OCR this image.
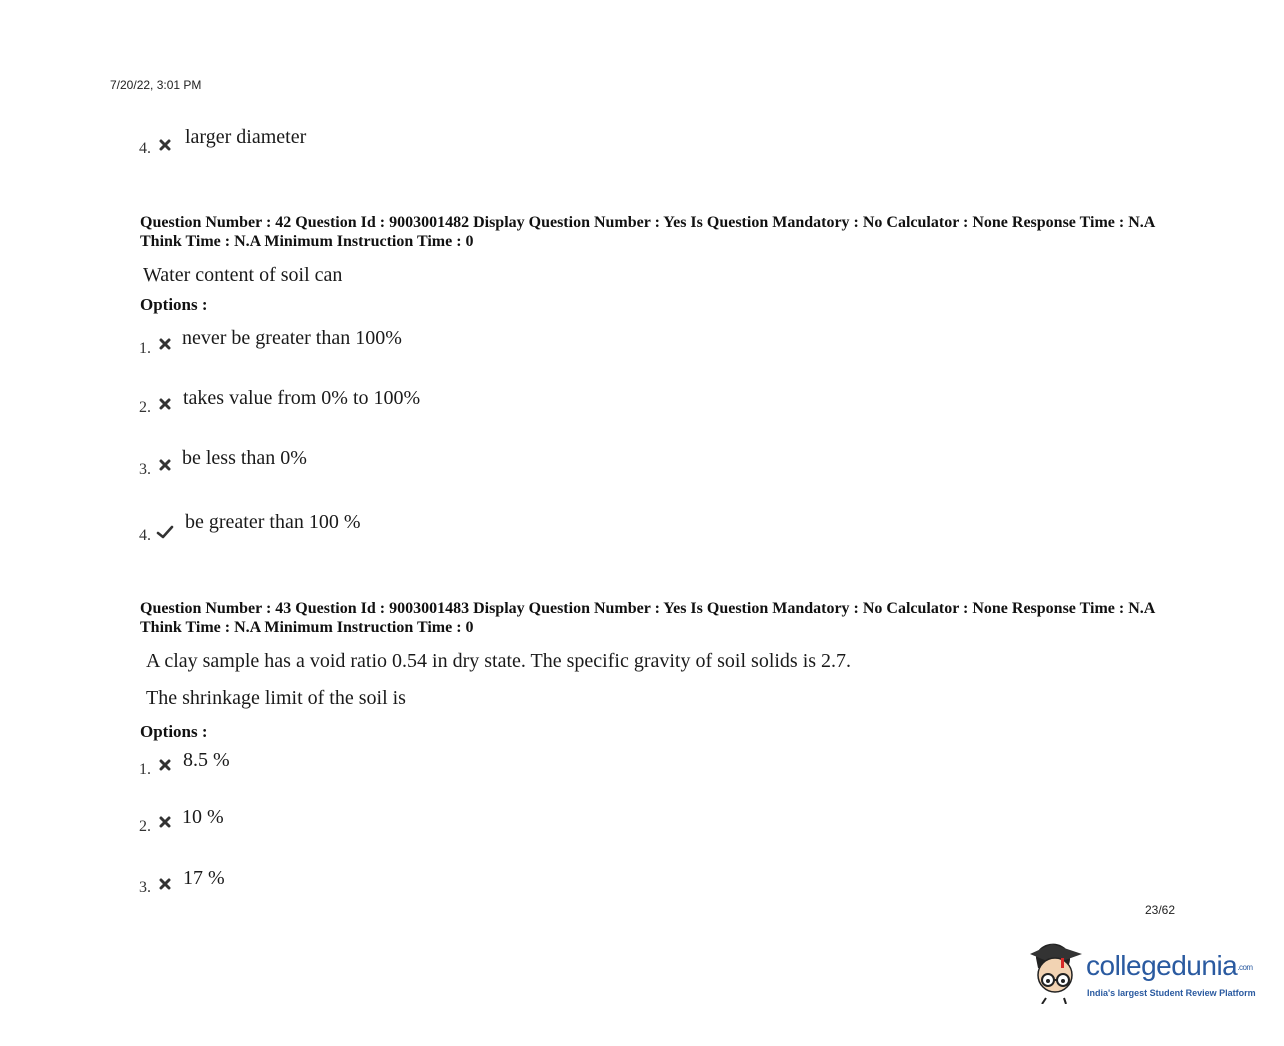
7/20/22, 3:01 PM
4.
larger diameter
Question Number : 42 Question Id : 9003001482 Display Question Number : Yes Is Question Mandatory : No Calculator : None Response Time : N.A Think Time : N.A Minimum Instruction Time : 0
Water content of soil can
Options :
1. never be greater than 100%
2. takes value from 0% to 100%
3.
be less than 0%
4.
be greater than 100 %
Question Number : 43 Question Id : 9003001483 Display Question Number : Yes Is Question Mandatory : No Calculator : None Response Time : N.A Think Time : N.A Minimum Instruction Time : 0
A clay sample has a void ratio 0.54 in dry state. The specific gravity of soil solids is 2.7.
The shrinkage limit of the soil is
Options :
1. 8.5 %
2. 10 %
3. 17 %
23/62
collegedunia.com
India's largest Student Review Platform
